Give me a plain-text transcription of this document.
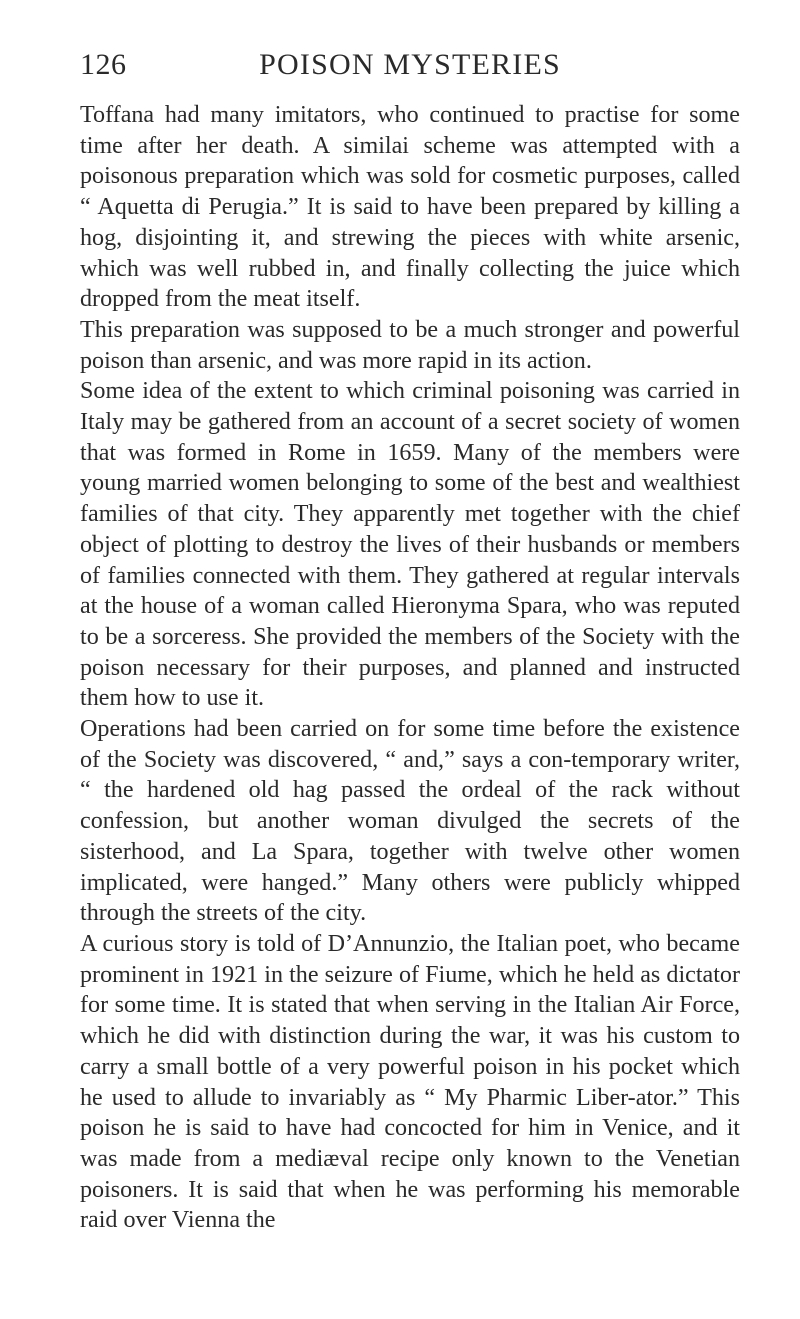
126	POISON MYSTERIES

Toffana had many imitators, who continued to practise for some time after her death. A similai scheme was attempted with a poisonous preparation which was sold for cosmetic purposes, called “ Aquetta di Perugia.” It is said to have been prepared by killing a hog, disjointing it, and strewing the pieces with white arsenic, which was well rubbed in, and finally collecting the juice which dropped from the meat itself.

This preparation was supposed to be a much stronger and powerful poison than arsenic, and was more rapid in its action.

Some idea of the extent to which criminal poisoning was carried in Italy may be gathered from an account of a secret society of women that was formed in Rome in 1659. Many of the members were young married women belonging to some of the best and wealthiest families of that city. They apparently met together with the chief object of plotting to destroy the lives of their husbands or members of families connected with them. They gathered at regular intervals at the house of a woman called Hieronyma Spara, who was reputed to be a sorceress. She provided the members of the Society with the poison necessary for their purposes, and planned and instructed them how to use it.

Operations had been carried on for some time before the existence of the Society was discovered, “ and,” says a con-temporary writer, “ the hardened old hag passed the ordeal of the rack without confession, but another woman divulged the secrets of the sisterhood, and La Spara, together with twelve other women implicated, were hanged.” Many others were publicly whipped through the streets of the city.

A curious story is told of D’Annunzio, the Italian poet, who became prominent in 1921 in the seizure of Fiume, which he held as dictator for some time. It is stated that when serving in the Italian Air Force, which he did with distinction during the war, it was his custom to carry a small bottle of a very powerful poison in his pocket which he used to allude to invariably as “ My Pharmic Liber-ator.” This poison he is said to have had concocted for him in Venice, and it was made from a mediæval recipe only known to the Venetian poisoners. It is said that when he was performing his memorable raid over Vienna the
